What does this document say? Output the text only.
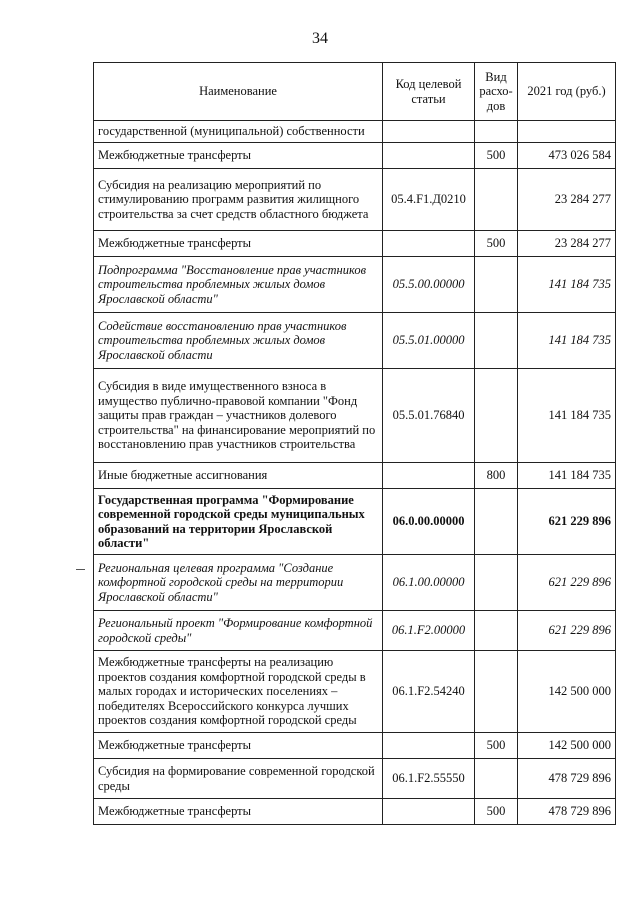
34
Наименование	Код целевой статьи	Вид расхо-дов	2021 год (руб.)
государственной (муниципальной) собственности			
Межбюджетные трансферты		500	473 026 584
Субсидия на реализацию мероприятий по стимулированию программ развития жилищного строительства за счет средств областного бюджета	05.4.F1.Д0210		23 284 277
Межбюджетные трансферты		500	23 284 277
Подпрограмма "Восстановление прав участников строительства проблемных жилых домов Ярославской области"	05.5.00.00000		141 184 735
Содействие восстановлению прав участников строительства проблемных жилых домов Ярославской области	05.5.01.00000		141 184 735
Субсидия в виде имущественного взноса в имущество публично-правовой компании "Фонд защиты прав граждан – участников долевого строительства" на финансирование мероприятий по восстановлению прав участников строительства	05.5.01.76840		141 184 735
Иные бюджетные ассигнования		800	141 184 735
Государственная программа "Формирование современной городской среды муниципальных образований на территории Ярославской области"	06.0.00.00000		621 229 896
Региональная целевая программа "Создание комфортной городской среды на территории Ярославской области"	06.1.00.00000		621 229 896
Региональный проект "Формирование комфортной городской среды"	06.1.F2.00000		621 229 896
Межбюджетные трансферты на реализацию проектов создания комфортной городской среды в малых городах и исторических поселениях – победителях Всероссийского конкурса лучших проектов создания комфортной городской среды	06.1.F2.54240		142 500 000
Межбюджетные трансферты		500	142 500 000
Субсидия на формирование современной городской среды	06.1.F2.55550		478 729 896
Межбюджетные трансферты		500	478 729 896
